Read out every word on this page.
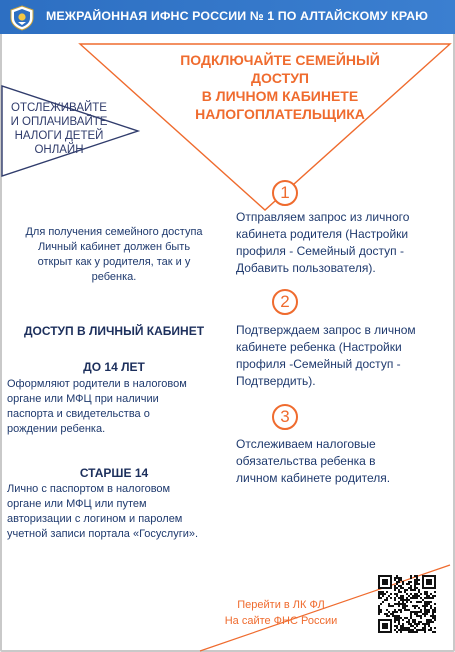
МЕЖРАЙОННАЯ ИФНС РОССИИ № 1 ПО АЛТАЙСКОМУ КРАЮ
ПОДКЛЮЧАЙТЕ СЕМЕЙНЫЙ ДОСТУП
В ЛИЧНОМ КАБИНЕТЕ
НАЛОГОПЛАТЕЛЬЩИКА
ОТСЛЕЖИВАЙТЕ
И ОПЛАЧИВАЙТЕ
НАЛОГИ ДЕТЕЙ
ОНЛАЙН
Для получения семейного доступа
Личный кабинет должен быть
открыт как у родителя, так и у
ребенка.
ДОСТУП В ЛИЧНЫЙ КАБИНЕТ
ДО 14 ЛЕТ
Оформляют родители в налоговом
органе или МФЦ при наличии
паспорта и свидетельства о
рождении ребенка.
СТАРШЕ 14
Лично с паспортом в налоговом
органе или МФЦ или путем
авторизации с логином и паролем
учетной записи портала «Госуслуги».
1
Отправляем запрос из личного
кабинета родителя (Настройки
профиля - Семейный доступ -
Добавить пользователя).
2
Подтверждаем запрос в личном
кабинете ребенка (Настройки
профиля -Семейный доступ -
Подтвердить).
3
Отслеживаем налоговые
обязательства ребенка в
личном кабинете родителя.
Перейти в ЛК ФЛ
На сайте ФНС России
